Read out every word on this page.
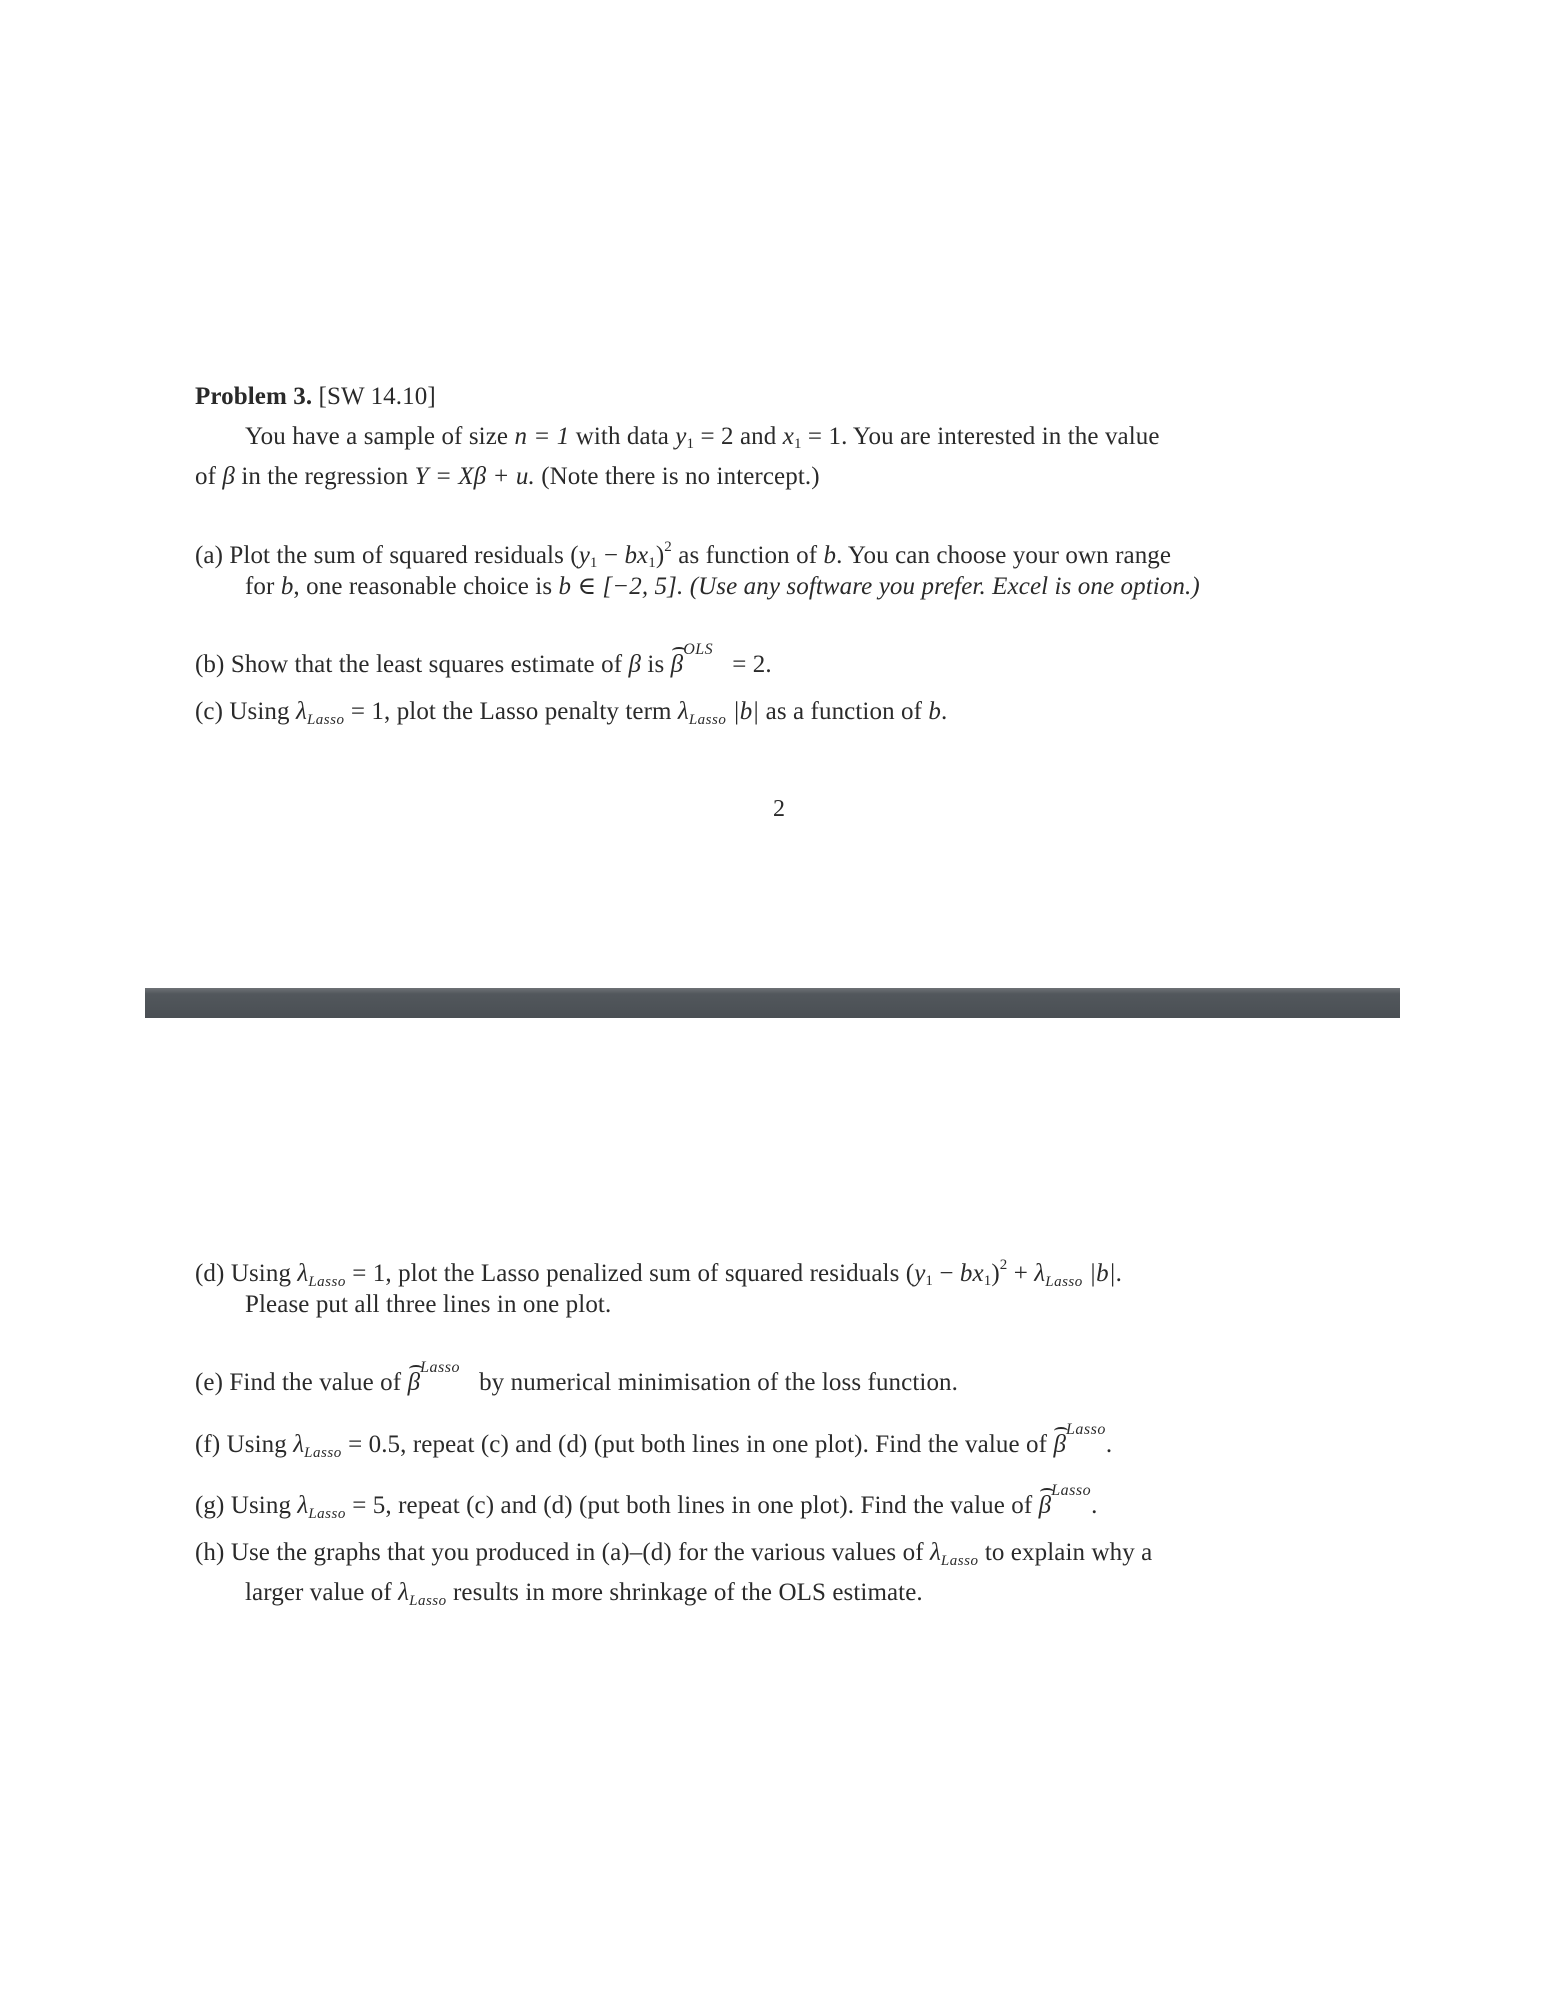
Problem 3. [SW 14.10]
You have a sample of size n = 1 with data $y_1 = 2$ and $x_1 = 1$. You are interested in the value
of β in the regression Y = Xβ + u. (Note there is no intercept.)
(a) Plot the sum of squared residuals $(y_1 - bx_1)^2$ as function of b. You can choose your own range
for b, one reasonable choice is b ∈ [−2, 5]. (Use any software you prefer. Excel is one option.)
(b) Show that the least squares estimate of β is $\beta^{OLS} = 2$.
(c) Using $\lambda_{Lasso} = 1$, plot the Lasso penalty term $\lambda_{Lasso}$ |b| as a function of b.
2
(d) Using $\lambda_{Lasso} = 1$, plot the Lasso penalized sum of squared residuals $(y_1 - bx_1)^2 + \lambda_{Lasso}$ |b|.
Please put all three lines in one plot.
(e) Find the value of $\beta^{Lasso}$   by numerical minimisation of the loss function.
(f) Using $\lambda_{Lasso} = 0.5$, repeat (c) and (d) (put both lines in one plot). Find the value of $\beta^{Lasso}$.
(g) Using $\lambda_{Lasso} = 5$, repeat (c) and (d) (put both lines in one plot). Find the value of $\beta^{Lasso}$.
(h) Use the graphs that you produced in (a)–(d) for the various values of $\lambda_{Lasso}$ to explain why a
larger value of $\lambda_{Lasso}$ results in more shrinkage of the OLS estimate.
